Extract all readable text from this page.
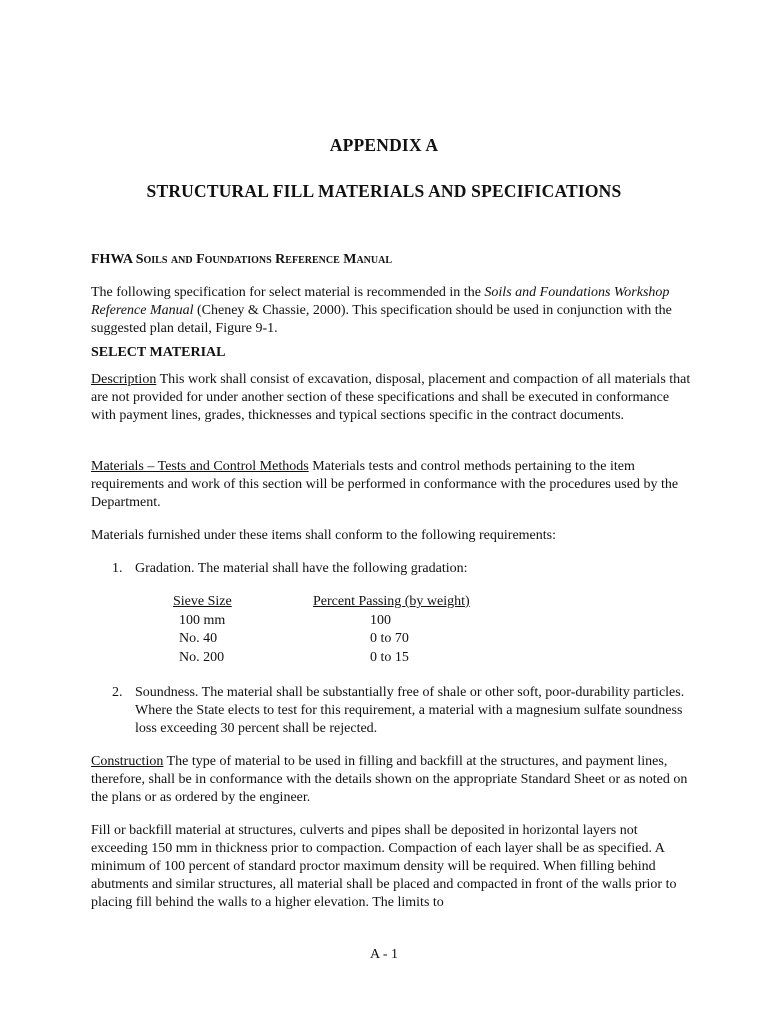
APPENDIX A
STRUCTURAL FILL MATERIALS AND SPECIFICATIONS
FHWA Soils and Foundations Reference Manual

The following specification for select material is recommended in the Soils and Foundations Workshop Reference Manual (Cheney & Chassie, 2000). This specification should be used in conjunction with the suggested plan detail, Figure 9-1.

SELECT MATERIAL

Description This work shall consist of excavation, disposal, placement and compaction of all materials that are not provided for under another section of these specifications and shall be executed in conformance with payment lines, grades, thicknesses and typical sections specific in the contract documents.

Materials – Tests and Control Methods Materials tests and control methods pertaining to the item requirements and work of this section will be performed in conformance with the procedures used by the Department.

Materials furnished under these items shall conform to the following requirements:

1. Gradation. The material shall have the following gradation:
Sieve Size	Percent Passing (by weight)
100 mm	100
No. 40	0 to 70
No. 200	0 to 15
2. Soundness. The material shall be substantially free of shale or other soft, poor-durability particles. Where the State elects to test for this requirement, a material with a magnesium sulfate soundness loss exceeding 30 percent shall be rejected.

Construction The type of material to be used in filling and backfill at the structures, and payment lines, therefore, shall be in conformance with the details shown on the appropriate Standard Sheet or as noted on the plans or as ordered by the engineer.

Fill or backfill material at structures, culverts and pipes shall be deposited in horizontal layers not exceeding 150 mm in thickness prior to compaction. Compaction of each layer shall be as specified. A minimum of 100 percent of standard proctor maximum density will be required. When filling behind abutments and similar structures, all material shall be placed and compacted in front of the walls prior to placing fill behind the walls to a higher elevation. The limits to

A - 1
